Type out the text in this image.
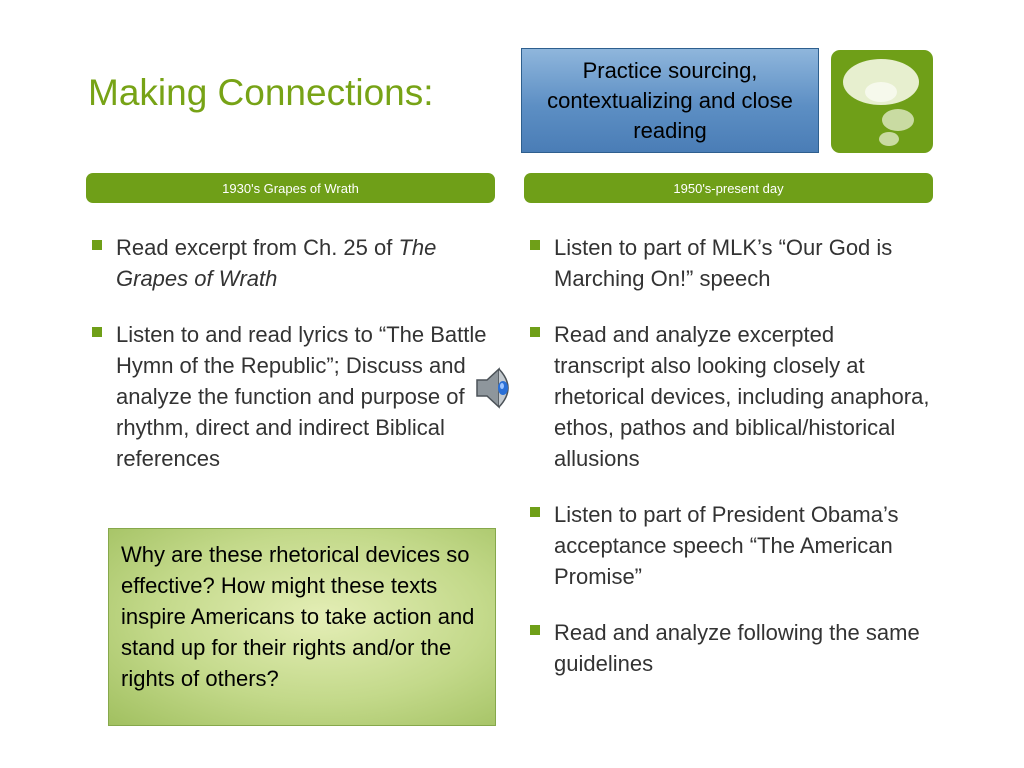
Making Connections:
Practice sourcing, contextualizing and close reading
1930's Grapes of Wrath	1950's-present day
Read excerpt from Ch. 25 of The Grapes of Wrath
Listen to and read lyrics to “The Battle Hymn of the Republic”; Discuss and analyze the function and purpose of rhythm, direct and indirect Biblical references
Listen to part of MLK’s “Our God is Marching On!” speech
Read and analyze excerpted transcript also looking closely at rhetorical devices, including anaphora, ethos, pathos and biblical/historical allusions
Listen to part of President Obama’s acceptance speech “The American Promise”
Read and analyze following the same guidelines
Why are these rhetorical devices so effective? How might these texts inspire Americans to take action and stand up for their rights and/or the rights of others?
